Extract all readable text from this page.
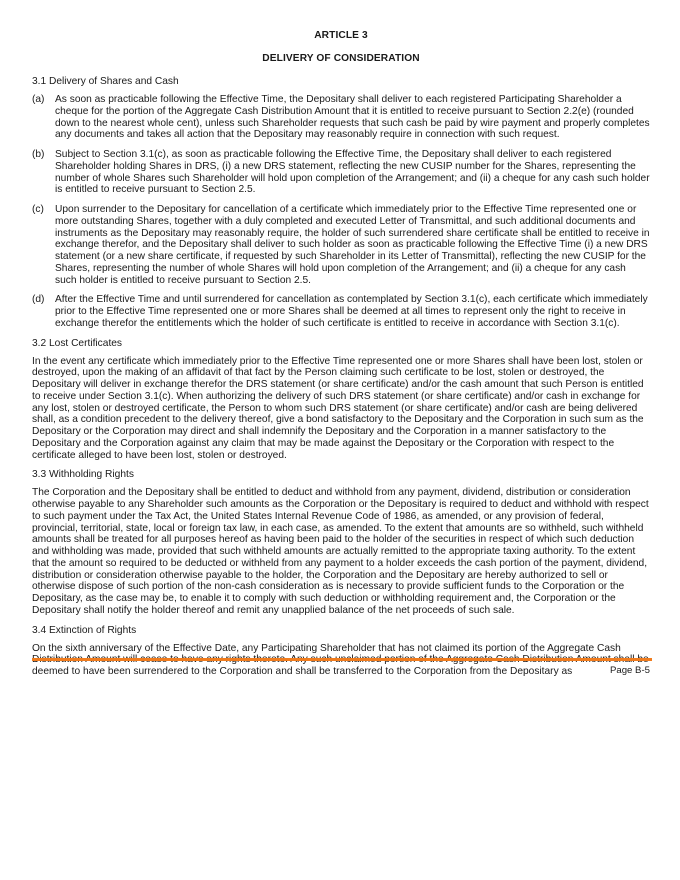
ARTICLE 3
DELIVERY OF CONSIDERATION
3.1 Delivery of Shares and Cash
(a)	As soon as practicable following the Effective Time, the Depositary shall deliver to each registered Participating Shareholder a cheque for the portion of the Aggregate Cash Distribution Amount that it is entitled to receive pursuant to Section 2.2(e) (rounded down to the nearest whole cent), unless such Shareholder requests that such cash be paid by wire payment and properly completes any documents and takes all action that the Depositary may reasonably require in connection with such request.
(b)	Subject to Section 3.1(c), as soon as practicable following the Effective Time, the Depositary shall deliver to each registered Shareholder holding Shares in DRS, (i) a new DRS statement, reflecting the new CUSIP number for the Shares, representing the number of whole Shares such Shareholder will hold upon completion of the Arrangement; and (ii) a cheque for any cash such holder is entitled to receive pursuant to Section 2.5.
(c)	Upon surrender to the Depositary for cancellation of a certificate which immediately prior to the Effective Time represented one or more outstanding Shares, together with a duly completed and executed Letter of Transmittal, and such additional documents and instruments as the Depositary may reasonably require, the holder of such surrendered share certificate shall be entitled to receive in exchange therefor, and the Depositary shall deliver to such holder as soon as practicable following the Effective Time (i) a new DRS statement (or a new share certificate, if requested by such Shareholder in its Letter of Transmittal), reflecting the new CUSIP for the Shares, representing the number of whole Shares will hold upon completion of the Arrangement; and (ii) a cheque for any cash such holder is entitled to receive pursuant to Section 2.5.
(d)	After the Effective Time and until surrendered for cancellation as contemplated by Section 3.1(c), each certificate which immediately prior to the Effective Time represented one or more Shares shall be deemed at all times to represent only the right to receive in exchange therefor the entitlements which the holder of such certificate is entitled to receive in accordance with Section 3.1(c).
3.2 Lost Certificates

In the event any certificate which immediately prior to the Effective Time represented one or more Shares shall have been lost, stolen or destroyed, upon the making of an affidavit of that fact by the Person claiming such certificate to be lost, stolen or destroyed, the Depositary will deliver in exchange therefor the DRS statement (or share certificate) and/or the cash amount that such Person is entitled to receive under Section 3.1(c). When authorizing the delivery of such DRS statement (or share certificate) and/or cash in exchange for any lost, stolen or destroyed certificate, the Person to whom such DRS statement (or share certificate) and/or cash are being delivered shall, as a condition precedent to the delivery thereof, give a bond satisfactory to the Depositary and the Corporation in such sum as the Depositary or the Corporation may direct and shall indemnify the Depositary and the Corporation in a manner satisfactory to the Depositary and the Corporation against any claim that may be made against the Depositary or the Corporation with respect to the certificate alleged to have been lost, stolen or destroyed.

3.3 Withholding Rights

The Corporation and the Depositary shall be entitled to deduct and withhold from any payment, dividend, distribution or consideration otherwise payable to any Shareholder such amounts as the Corporation or the Depositary is required to deduct and withhold with respect to such payment under the Tax Act, the United States Internal Revenue Code of 1986, as amended, or any provision of federal, provincial, territorial, state, local or foreign tax law, in each case, as amended. To the extent that amounts are so withheld, such withheld amounts shall be treated for all purposes hereof as having been paid to the holder of the securities in respect of which such deduction and withholding was made, provided that such withheld amounts are actually remitted to the appropriate taxing authority. To the extent that the amount so required to be deducted or withheld from any payment to a holder exceeds the cash portion of the payment, dividend, distribution or consideration otherwise payable to the holder, the Corporation and the Depositary are hereby authorized to sell or otherwise dispose of such portion of the non-cash consideration as is necessary to provide sufficient funds to the Corporation or the Depositary, as the case may be, to enable it to comply with such deduction or withholding requirement and, the Corporation or the Depositary shall notify the holder thereof and remit any unapplied balance of the net proceeds of such sale.

3.4 Extinction of Rights

On the sixth anniversary of the Effective Date, any Participating Shareholder that has not claimed its portion of the Aggregate Cash deemed to have been surrendered to the Corporation and shall be transferred to the Corporation from the Depositary as	Page B-5
